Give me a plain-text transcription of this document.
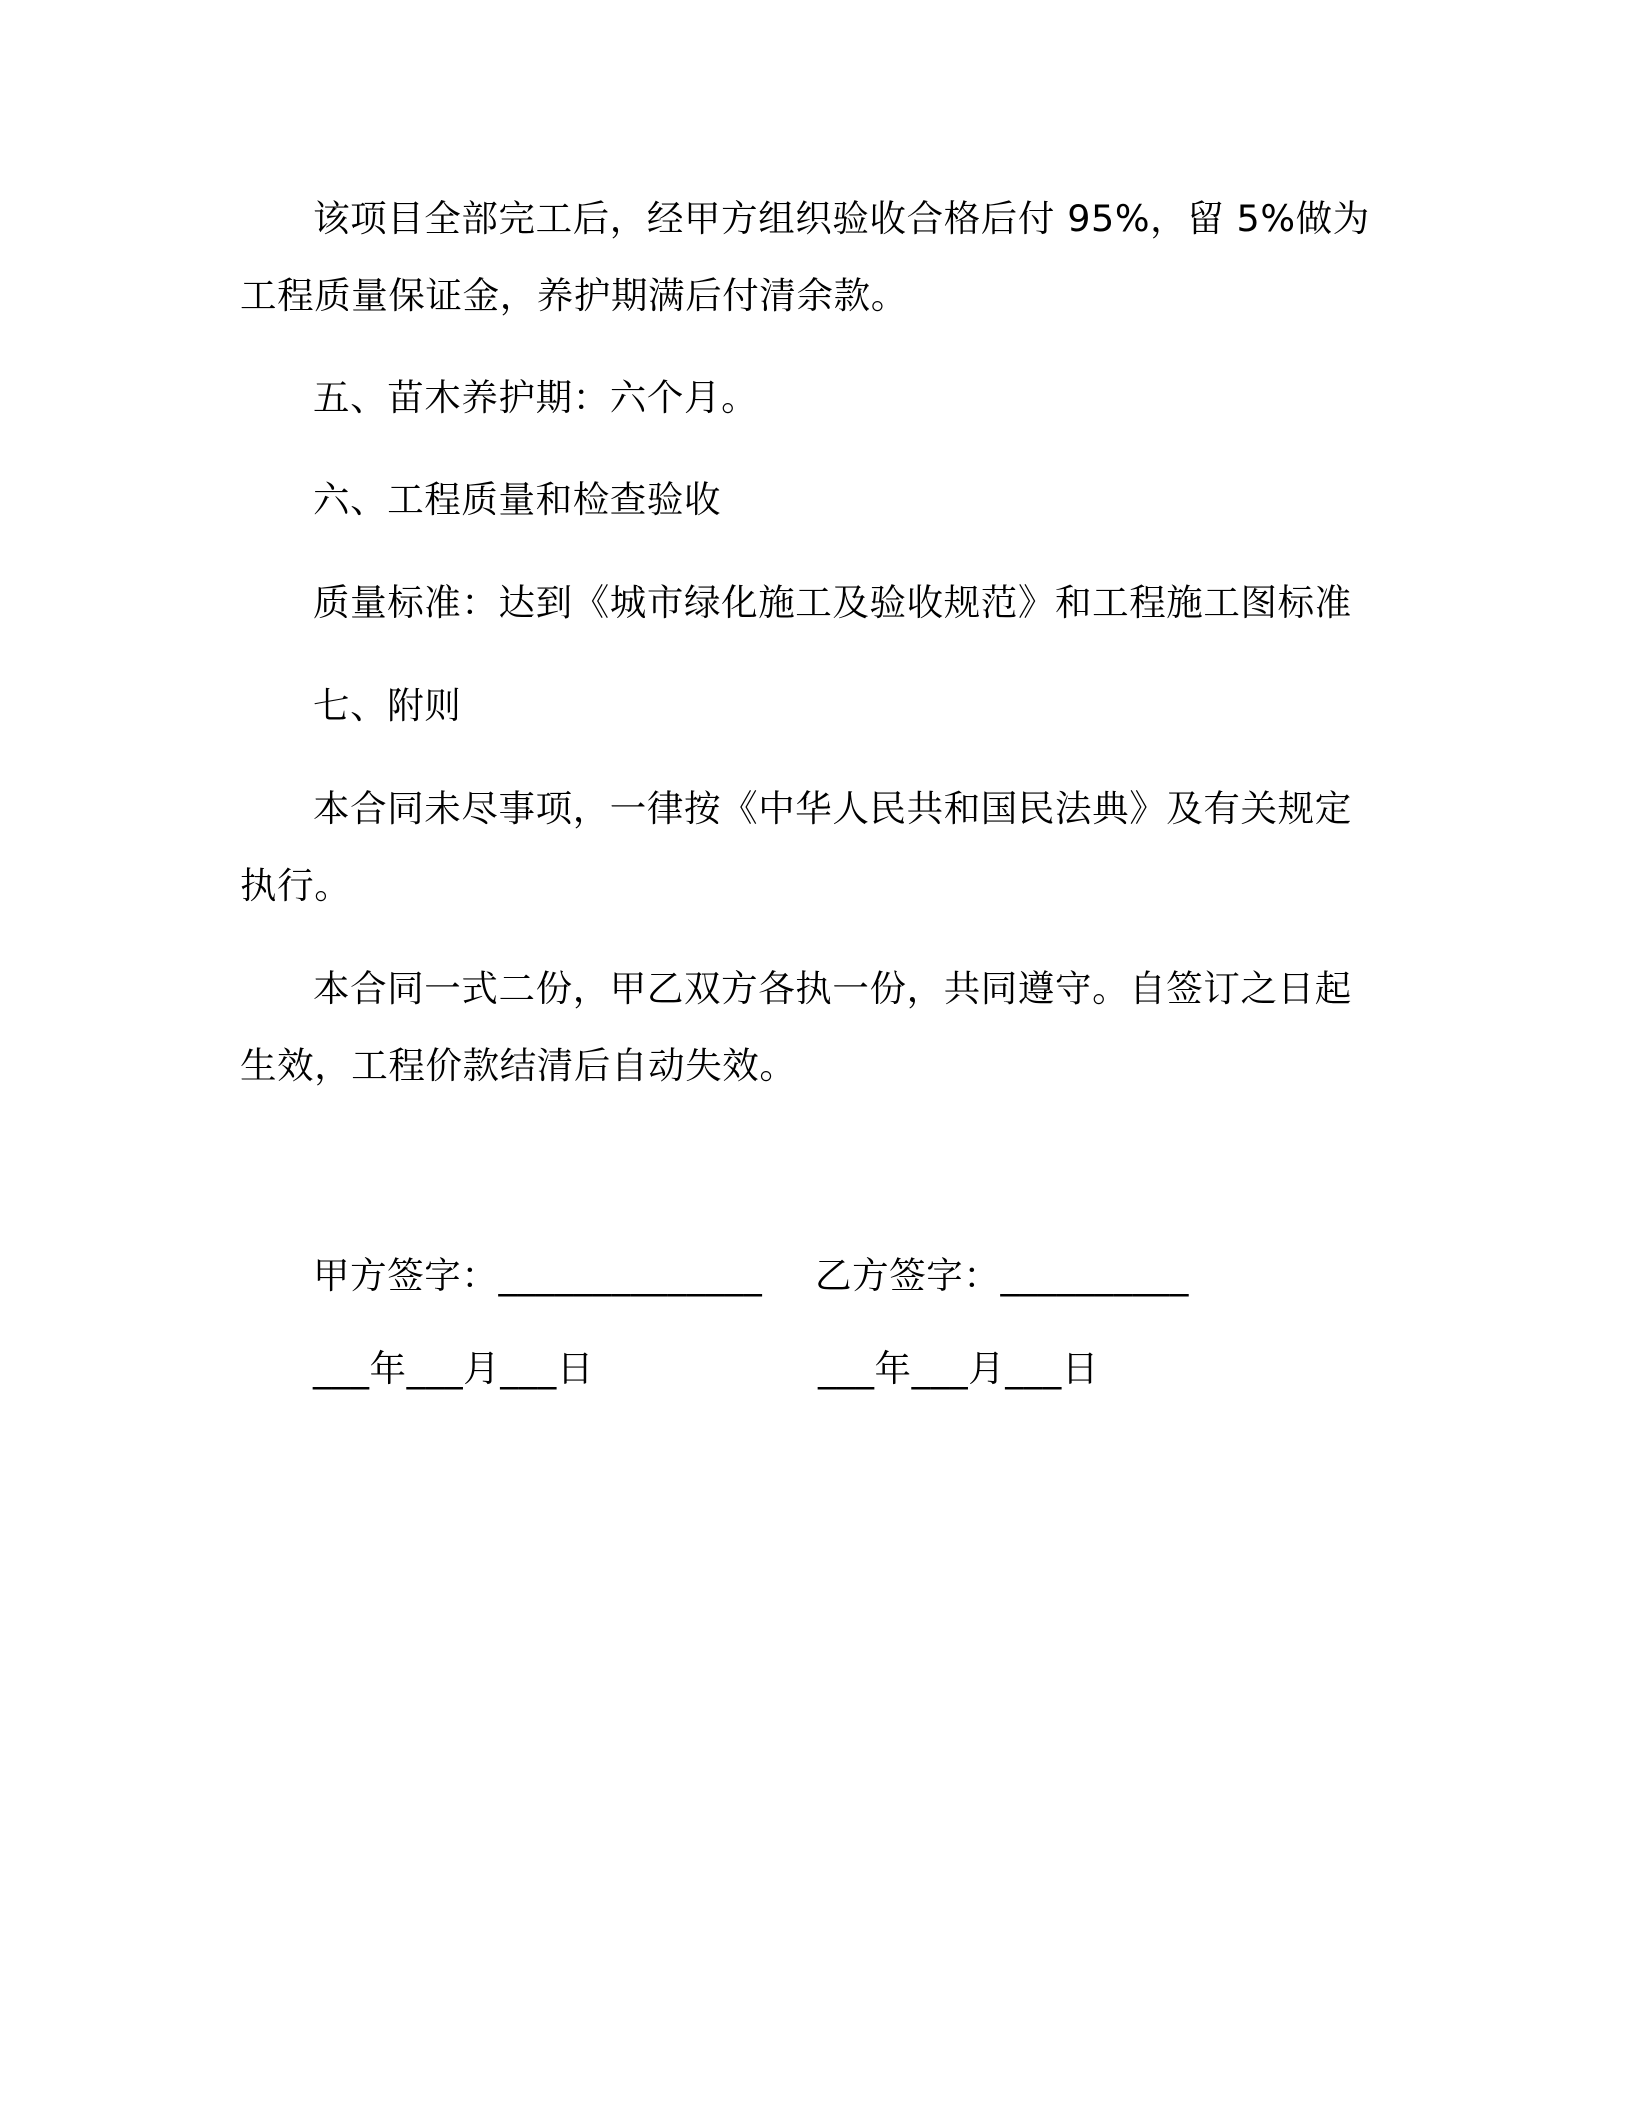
该项目全部完工后，经甲方组织验收合格后付 95%，留 5%做为
工程质量保证金，养护期满后付清余款。
五、苗木养护期：六个月。
六、工程质量和检查验收
质量标准：达到《城市绿化施工及验收规范》和工程施工图标准
七、附则
本合同未尽事项，一律按《中华人民共和国民法典》及有关规定
执行。
本合同一式二份，甲乙双方各执一份，共同遵守。自签订之日起
生效，工程价款结清后自动失效。
甲方签字：______________ 乙方签字：__________
___年___月___日	___年___月___日
